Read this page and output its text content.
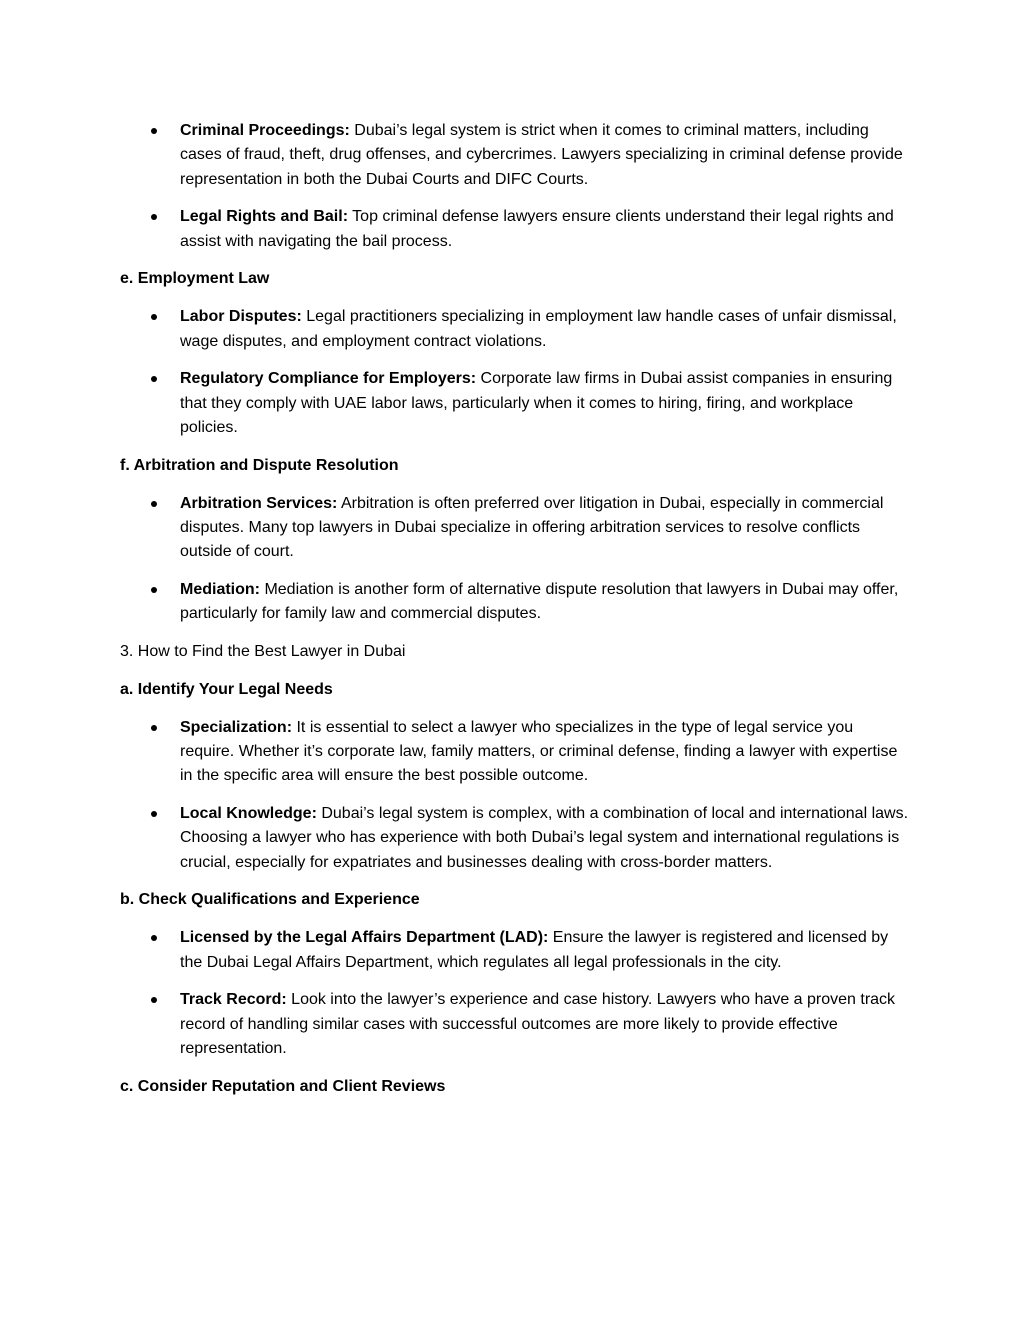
Criminal Proceedings: Dubai’s legal system is strict when it comes to criminal matters, including cases of fraud, theft, drug offenses, and cybercrimes. Lawyers specializing in criminal defense provide representation in both the Dubai Courts and DIFC Courts.
Legal Rights and Bail: Top criminal defense lawyers ensure clients understand their legal rights and assist with navigating the bail process.

e. Employment Law

Labor Disputes: Legal practitioners specializing in employment law handle cases of unfair dismissal, wage disputes, and employment contract violations.
Regulatory Compliance for Employers: Corporate law firms in Dubai assist companies in ensuring that they comply with UAE labor laws, particularly when it comes to hiring, firing, and workplace policies.

f. Arbitration and Dispute Resolution

Arbitration Services: Arbitration is often preferred over litigation in Dubai, especially in commercial disputes. Many top lawyers in Dubai specialize in offering arbitration services to resolve conflicts outside of court.
Mediation: Mediation is another form of alternative dispute resolution that lawyers in Dubai may offer, particularly for family law and commercial disputes.

3. How to Find the Best Lawyer in Dubai

a. Identify Your Legal Needs

Specialization: It is essential to select a lawyer who specializes in the type of legal service you require. Whether it’s corporate law, family matters, or criminal defense, finding a lawyer with expertise in the specific area will ensure the best possible outcome.
Local Knowledge: Dubai’s legal system is complex, with a combination of local and international laws. Choosing a lawyer who has experience with both Dubai’s legal system and international regulations is crucial, especially for expatriates and businesses dealing with cross-border matters.

b. Check Qualifications and Experience

Licensed by the Legal Affairs Department (LAD): Ensure the lawyer is registered and licensed by the Dubai Legal Affairs Department, which regulates all legal professionals in the city.
Track Record: Look into the lawyer’s experience and case history. Lawyers who have a proven track record of handling similar cases with successful outcomes are more likely to provide effective representation.

c. Consider Reputation and Client Reviews
